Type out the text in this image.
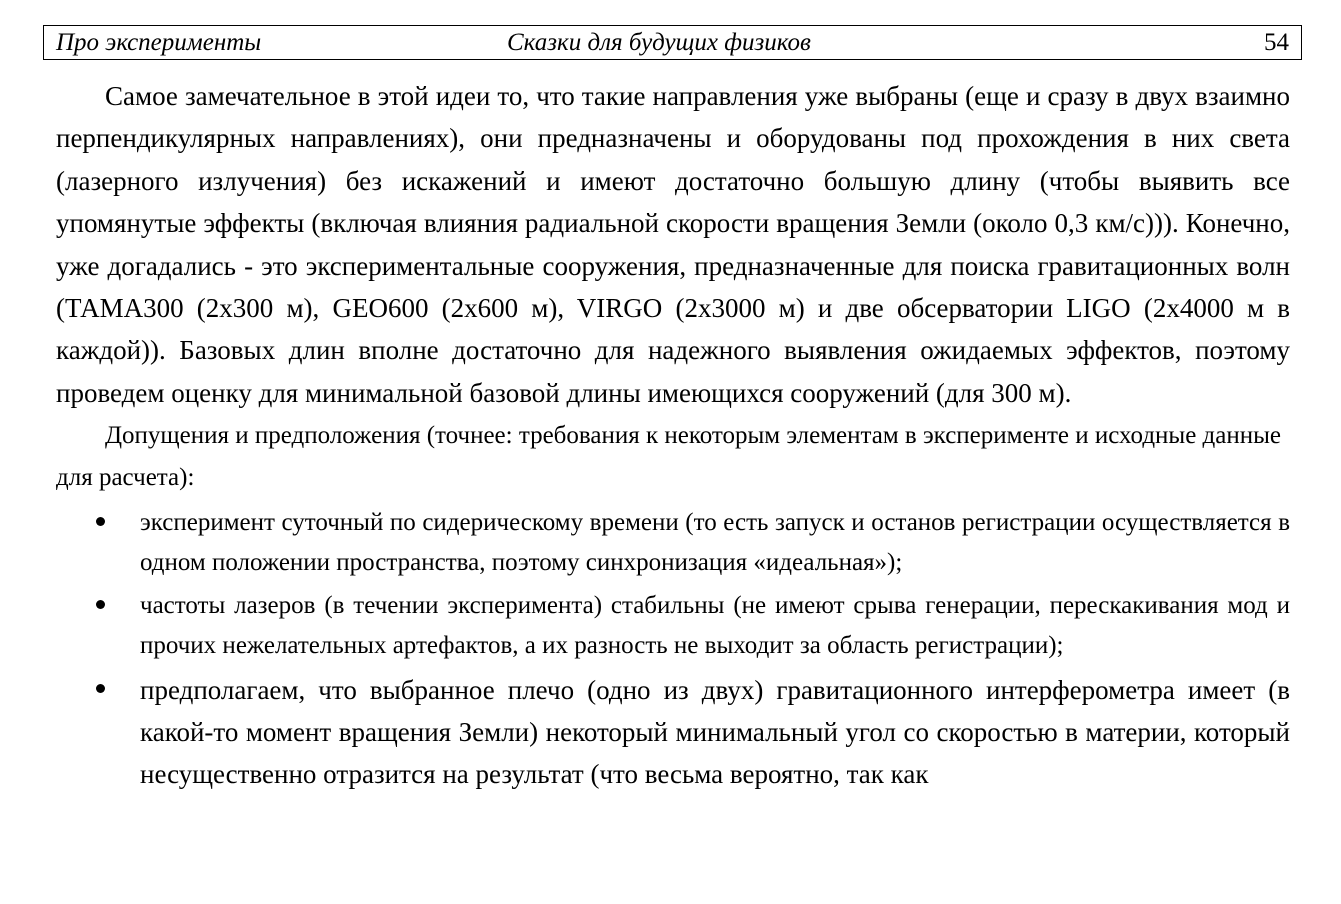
Про эксперименты	Сказки для будущих физиков	54

Самое замечательное в этой идеи то, что такие направления уже выбраны (еще и сразу в двух взаимно перпендикулярных направлениях), они предназначены и оборудованы под прохождения в них света (лазерного излучения) без искажений и имеют достаточно большую длину (чтобы выявить все упомянутые эффекты (включая влияния радиальной скорости вращения Земли (около 0,3 км/с))). Конечно, уже догадались - это экспериментальные сооружения, предназначенные для поиска гравитационных волн (ТАМА300 (2х300 м), GEO600 (2х600 м), VIRGO (2х3000 м) и две обсерватории LIGO (2х4000 м в каждой)). Базовых длин вполне достаточно для надежного выявления ожидаемых эффектов, поэтому проведем оценку для минимальной базовой длины имеющихся сооружений (для 300 м).

Допущения и предположения (точнее: требования к некоторым элементам в эксперименте и исходные данные для расчета):

эксперимент суточный по сидерическому времени (то есть запуск и останов регистрации осуществляется в одном положении пространства, поэтому синхронизация «идеальная»);
частоты лазеров (в течении эксперимента) стабильны (не имеют срыва генерации, перескакивания мод и прочих нежелательных артефактов, а их разность не выходит за область регистрации);
предполагаем, что выбранное плечо (одно из двух) гравитационного интерферометра имеет (в какой-то момент вращения Земли) некоторый минимальный угол со скоростью в материи, который несущественно отразится на результат (что весьма вероятно, так как
